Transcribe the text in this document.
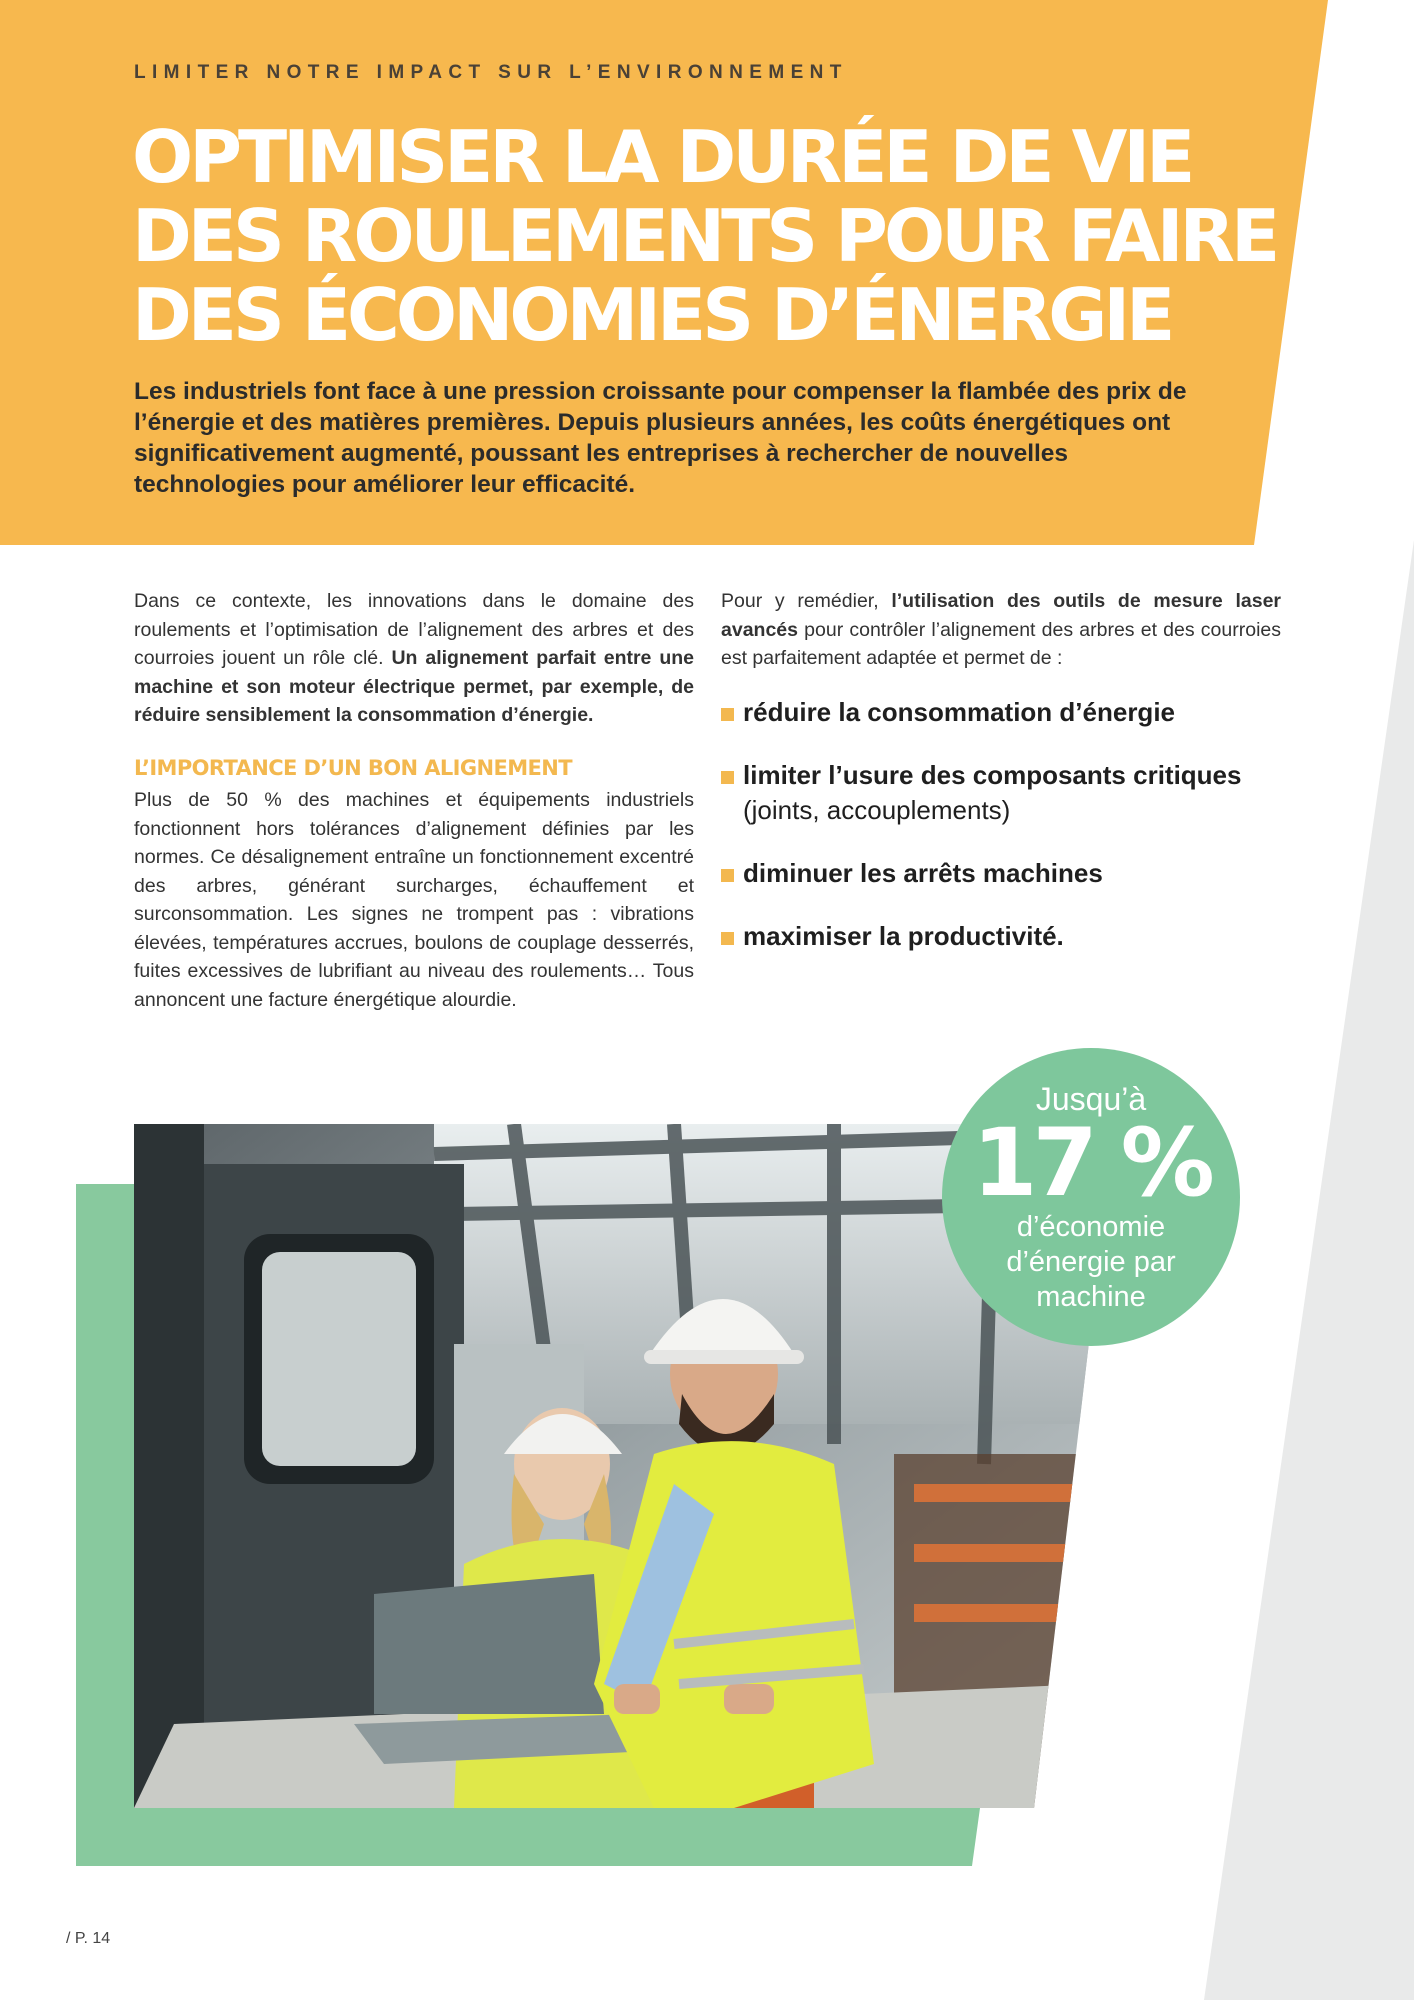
LIMITER NOTRE IMPACT SUR L’ENVIRONNEMENT
OPTIMISER LA DURÉE DE VIE
DES ROULEMENTS POUR FAIRE
DES ÉCONOMIES D’ÉNERGIE

Les industriels font face à une pression croissante pour compenser la flambée des prix de l’énergie et des matières premières. Depuis plusieurs années, les coûts énergétiques ont significativement augmenté, poussant les entreprises à rechercher de nouvelles technologies pour améliorer leur efficacité.

Dans ce contexte, les innovations dans le domaine des roulements et l’optimisation de l’alignement des arbres et des courroies jouent un rôle clé. Un alignement parfait entre une machine et son moteur électrique permet, par exemple, de réduire sensiblement la consommation d’énergie.

L’IMPORTANCE D’UN BON ALIGNEMENT

Plus de 50 % des machines et équipements industriels fonctionnent hors tolérances d’alignement définies par les normes. Ce désalignement entraîne un fonctionnement excentré des arbres, générant surcharges, échauffement et surconsommation. Les signes ne trompent pas : vibrations élevées, températures accrues, boulons de couplage desserrés, fuites excessives de lubrifiant au niveau des roulements… Tous annoncent une facture énergétique alourdie.

Pour y remédier, l’utilisation des outils de mesure laser avancés pour contrôler l’alignement des arbres et des courroies est parfaitement adaptée et permet de :

réduire la consommation d’énergie
limiter l’usure des composants critiques
(joints, accouplements)
diminuer les arrêts machines
maximiser la productivité.
Jusqu’à
17 %
d’économie
d’énergie par
machine
/ P. 14
